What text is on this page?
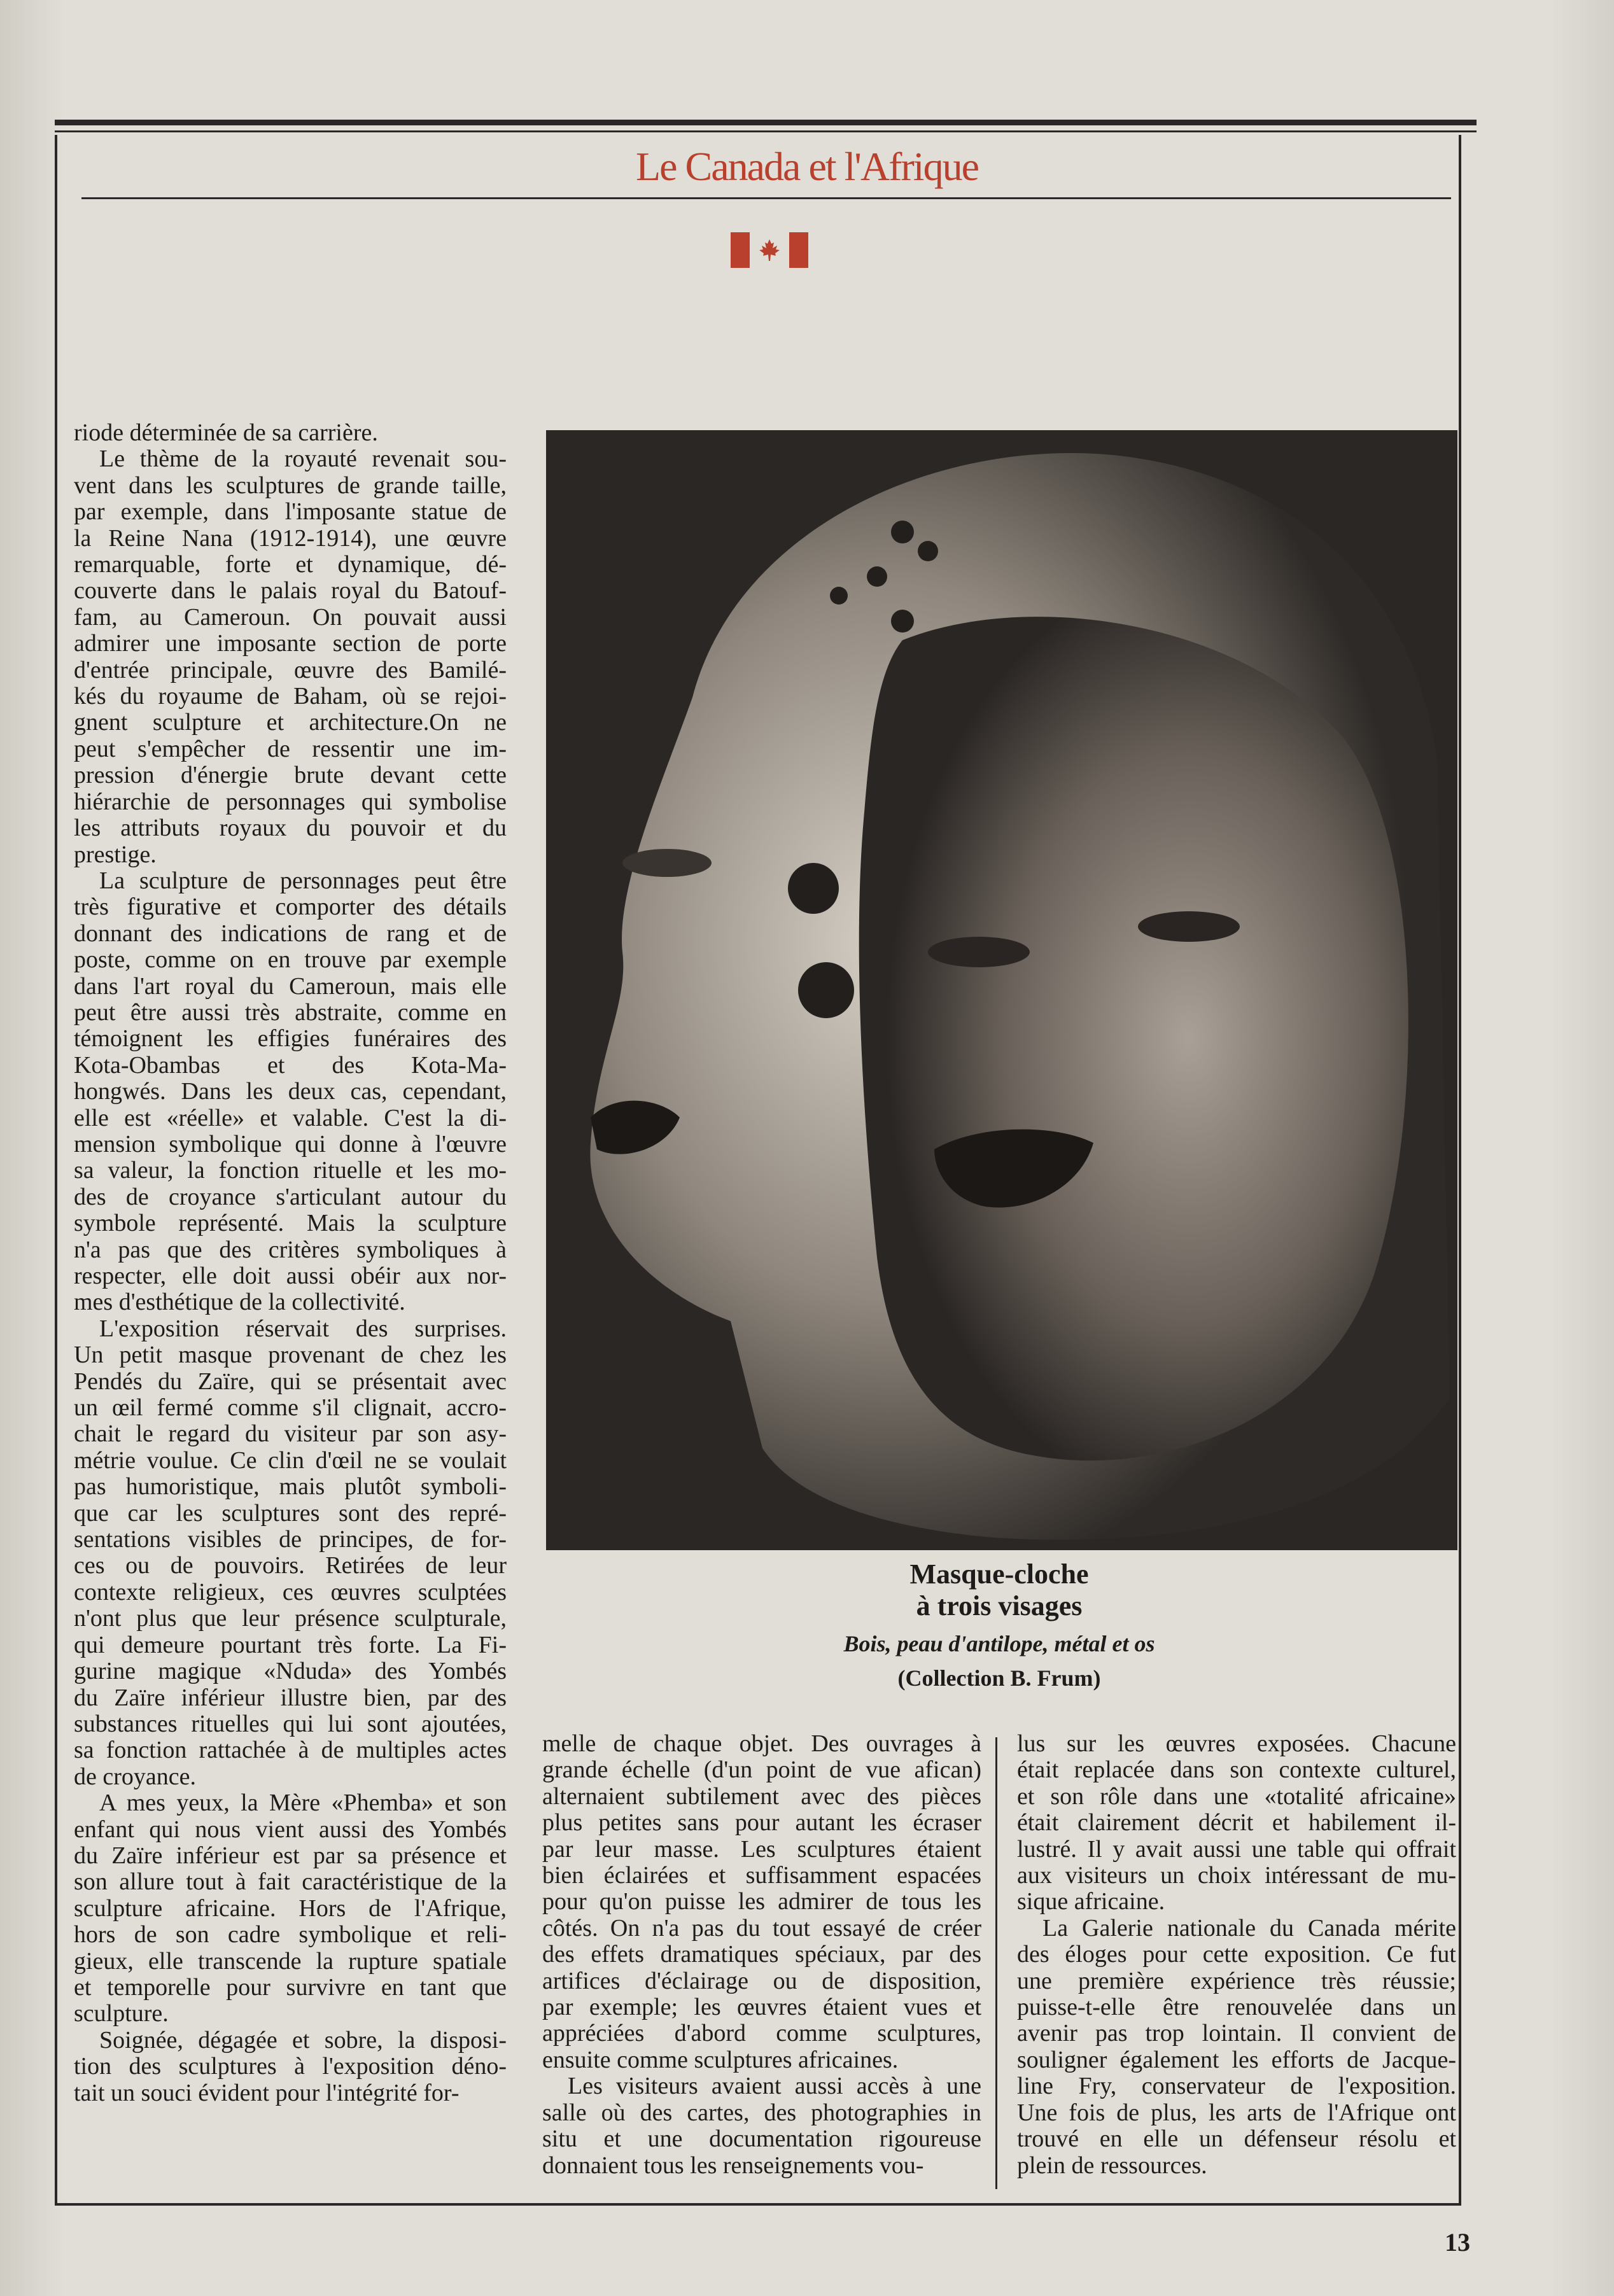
Le Canada et l'Afrique
Masque-cloche
à trois visages
Bois, peau d'antilope, métal et os
(Collection B. Frum)
riode déterminée de sa carrière.
Le thème de la royauté revenait sou-
vent dans les sculptures de grande taille,
par exemple, dans l'imposante statue de
la Reine Nana (1912-1914), une œuvre
remarquable, forte et dynamique, dé-
couverte dans le palais royal du Batouf-
fam, au Cameroun. On pouvait aussi
admirer une imposante section de porte
d'entrée principale, œuvre des Bamilé-
kés du royaume de Baham, où se rejoi-
gnent sculpture et architecture.On ne
peut s'empêcher de ressentir une im-
pression d'énergie brute devant cette
hiérarchie de personnages qui symbolise
les attributs royaux du pouvoir et du
prestige.
La sculpture de personnages peut être
très figurative et comporter des détails
donnant des indications de rang et de
poste, comme on en trouve par exemple
dans l'art royal du Cameroun, mais elle
peut être aussi très abstraite, comme en
témoignent les effigies funéraires des
Kota-Obambas et des Kota-Ma-
hongwés. Dans les deux cas, cependant,
elle est «réelle» et valable. C'est la di-
mension symbolique qui donne à l'œuvre
sa valeur, la fonction rituelle et les mo-
des de croyance s'articulant autour du
symbole représenté. Mais la sculpture
n'a pas que des critères symboliques à
respecter, elle doit aussi obéir aux nor-
mes d'esthétique de la collectivité.
L'exposition réservait des surprises.
Un petit masque provenant de chez les
Pendés du Zaïre, qui se présentait avec
un œil fermé comme s'il clignait, accro-
chait le regard du visiteur par son asy-
métrie voulue. Ce clin d'œil ne se voulait
pas humoristique, mais plutôt symboli-
que car les sculptures sont des repré-
sentations visibles de principes, de for-
ces ou de pouvoirs. Retirées de leur
contexte religieux, ces œuvres sculptées
n'ont plus que leur présence sculpturale,
qui demeure pourtant très forte. La Fi-
gurine magique «Nduda» des Yombés
du Zaïre inférieur illustre bien, par des
substances rituelles qui lui sont ajoutées,
sa fonction rattachée à de multiples actes
de croyance.
A mes yeux, la Mère «Phemba» et son
enfant qui nous vient aussi des Yombés
du Zaïre inférieur est par sa présence et
son allure tout à fait caractéristique de la
sculpture africaine. Hors de l'Afrique,
hors de son cadre symbolique et reli-
gieux, elle transcende la rupture spatiale
et temporelle pour survivre en tant que
sculpture.
Soignée, dégagée et sobre, la disposi-
tion des sculptures à l'exposition déno-
tait un souci évident pour l'intégrité for-
melle de chaque objet. Des ouvrages à
grande échelle (d'un point de vue afican)
alternaient subtilement avec des pièces
plus petites sans pour autant les écraser
par leur masse. Les sculptures étaient
bien éclairées et suffisamment espacées
pour qu'on puisse les admirer de tous les
côtés. On n'a pas du tout essayé de créer
des effets dramatiques spéciaux, par des
artifices d'éclairage ou de disposition,
par exemple; les œuvres étaient vues et
appréciées d'abord comme sculptures,
ensuite comme sculptures africaines.
Les visiteurs avaient aussi accès à une
salle où des cartes, des photographies in
situ et une documentation rigoureuse
donnaient tous les renseignements vou-
lus sur les œuvres exposées. Chacune
était replacée dans son contexte culturel,
et son rôle dans une «totalité africaine»
était clairement décrit et habilement il-
lustré. Il y avait aussi une table qui offrait
aux visiteurs un choix intéressant de mu-
sique africaine.
La Galerie nationale du Canada mérite
des éloges pour cette exposition. Ce fut
une première expérience très réussie;
puisse-t-elle être renouvelée dans un
avenir pas trop lointain. Il convient de
souligner également les efforts de Jacque-
line Fry, conservateur de l'exposition.
Une fois de plus, les arts de l'Afrique ont
trouvé en elle un défenseur résolu et
plein de ressources.
13
